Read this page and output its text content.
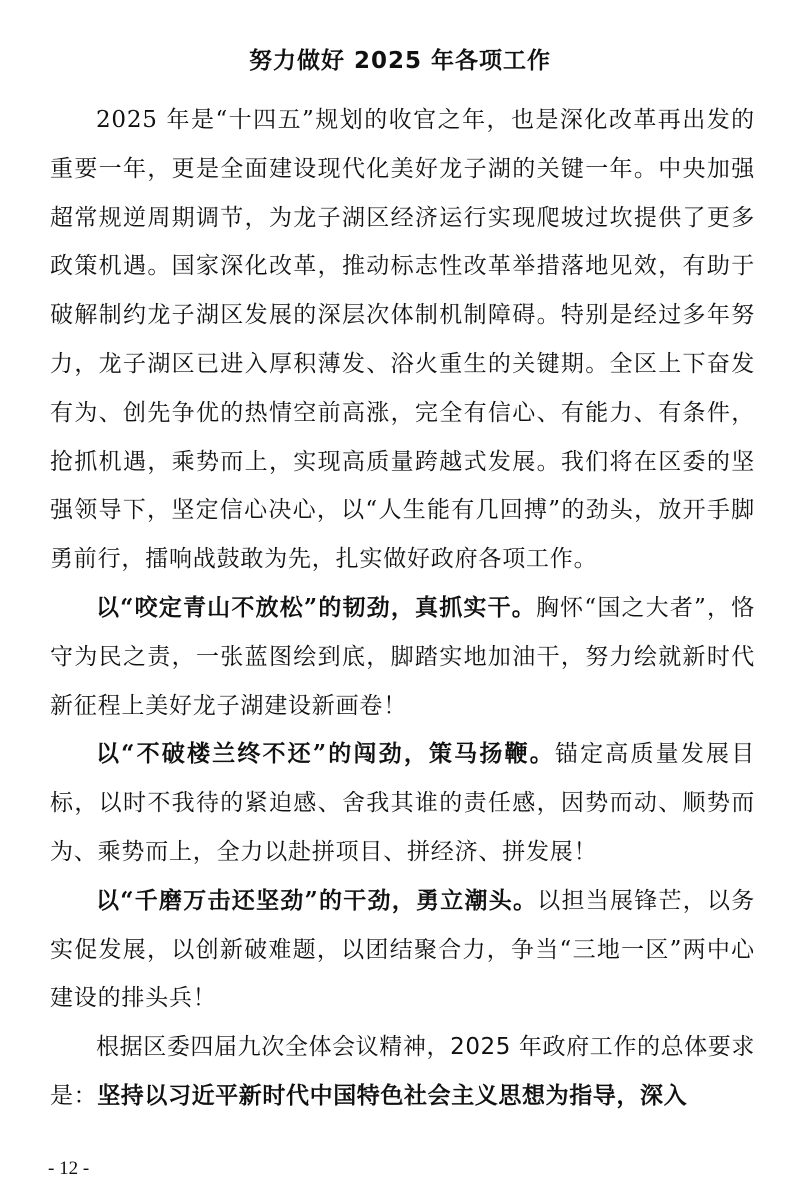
努力做好 2025 年各项工作

2025 年是“十四五”规划的收官之年，也是深化改革再出发的重要一年，更是全面建设现代化美好龙子湖的关键一年。中央加强超常规逆周期调节，为龙子湖区经济运行实现爬坡过坎提供了更多政策机遇。国家深化改革，推动标志性改革举措落地见效，有助于破解制约龙子湖区发展的深层次体制机制障碍。特别是经过多年努力，龙子湖区已进入厚积薄发、浴火重生的关键期。全区上下奋发有为、创先争优的热情空前高涨，完全有信心、有能力、有条件，抢抓机遇，乘势而上，实现高质量跨越式发展。我们将在区委的坚强领导下，坚定信心决心，以“人生能有几回搏”的劲头，放开手脚勇前行，擂响战鼓敢为先，扎实做好政府各项工作。

以“咬定青山不放松”的韧劲，真抓实干。胸怀“国之大者”，恪守为民之责，一张蓝图绘到底，脚踏实地加油干，努力绘就新时代新征程上美好龙子湖建设新画卷！

以“不破楼兰终不还”的闯劲，策马扬鞭。锚定高质量发展目标，以时不我待的紧迫感、舍我其谁的责任感，因势而动、顺势而为、乘势而上，全力以赴拼项目、拼经济、拼发展！

以“千磨万击还坚劲”的干劲，勇立潮头。以担当展锋芒，以务实促发展，以创新破难题，以团结聚合力，争当“三地一区”两中心建设的排头兵！

根据区委四届九次全体会议精神，2025 年政府工作的总体要求是：坚持以习近平新时代中国特色社会主义思想为指导，深入

- 12 -
